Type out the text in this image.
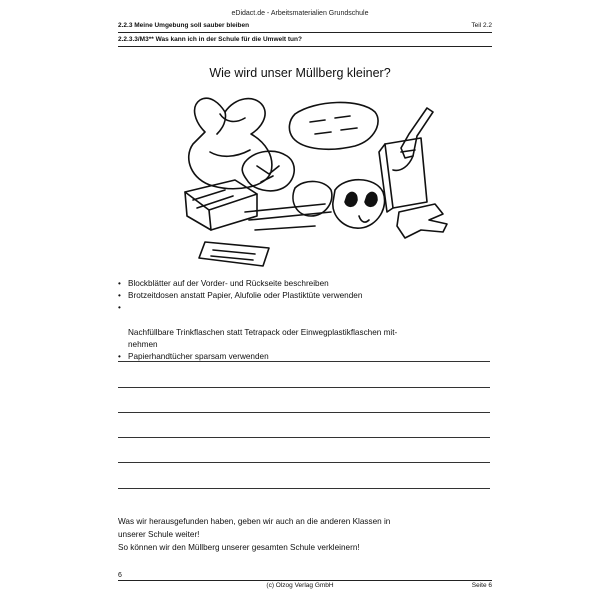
eDidact.de - Arbeitsmaterialien Grundschule
2.2.3 Meine Umgebung soll sauber bleiben	Teil 2.2
2.2.3.3/M3** Was kann ich in der Schule für die Umwelt tun?
Wie wird unser Müllberg kleiner?
• Blockblätter auf der Vorder- und Rückseite beschreiben
• Brotzeitdosen anstatt Papier, Alufolie oder Plastiktüte verwenden

•

Nachfüllbare Trinkflaschen statt Tetrapack oder Einwegplastikflaschen mit-
nehmen

• Papierhandtücher sparsam verwenden
Was wir herausgefunden haben, geben wir auch an die anderen Klassen in
unserer Schule weiter!
So können wir den Müllberg unserer gesamten Schule verkleinern!
6
(c) Olzog Verlag GmbH	Seite 6
